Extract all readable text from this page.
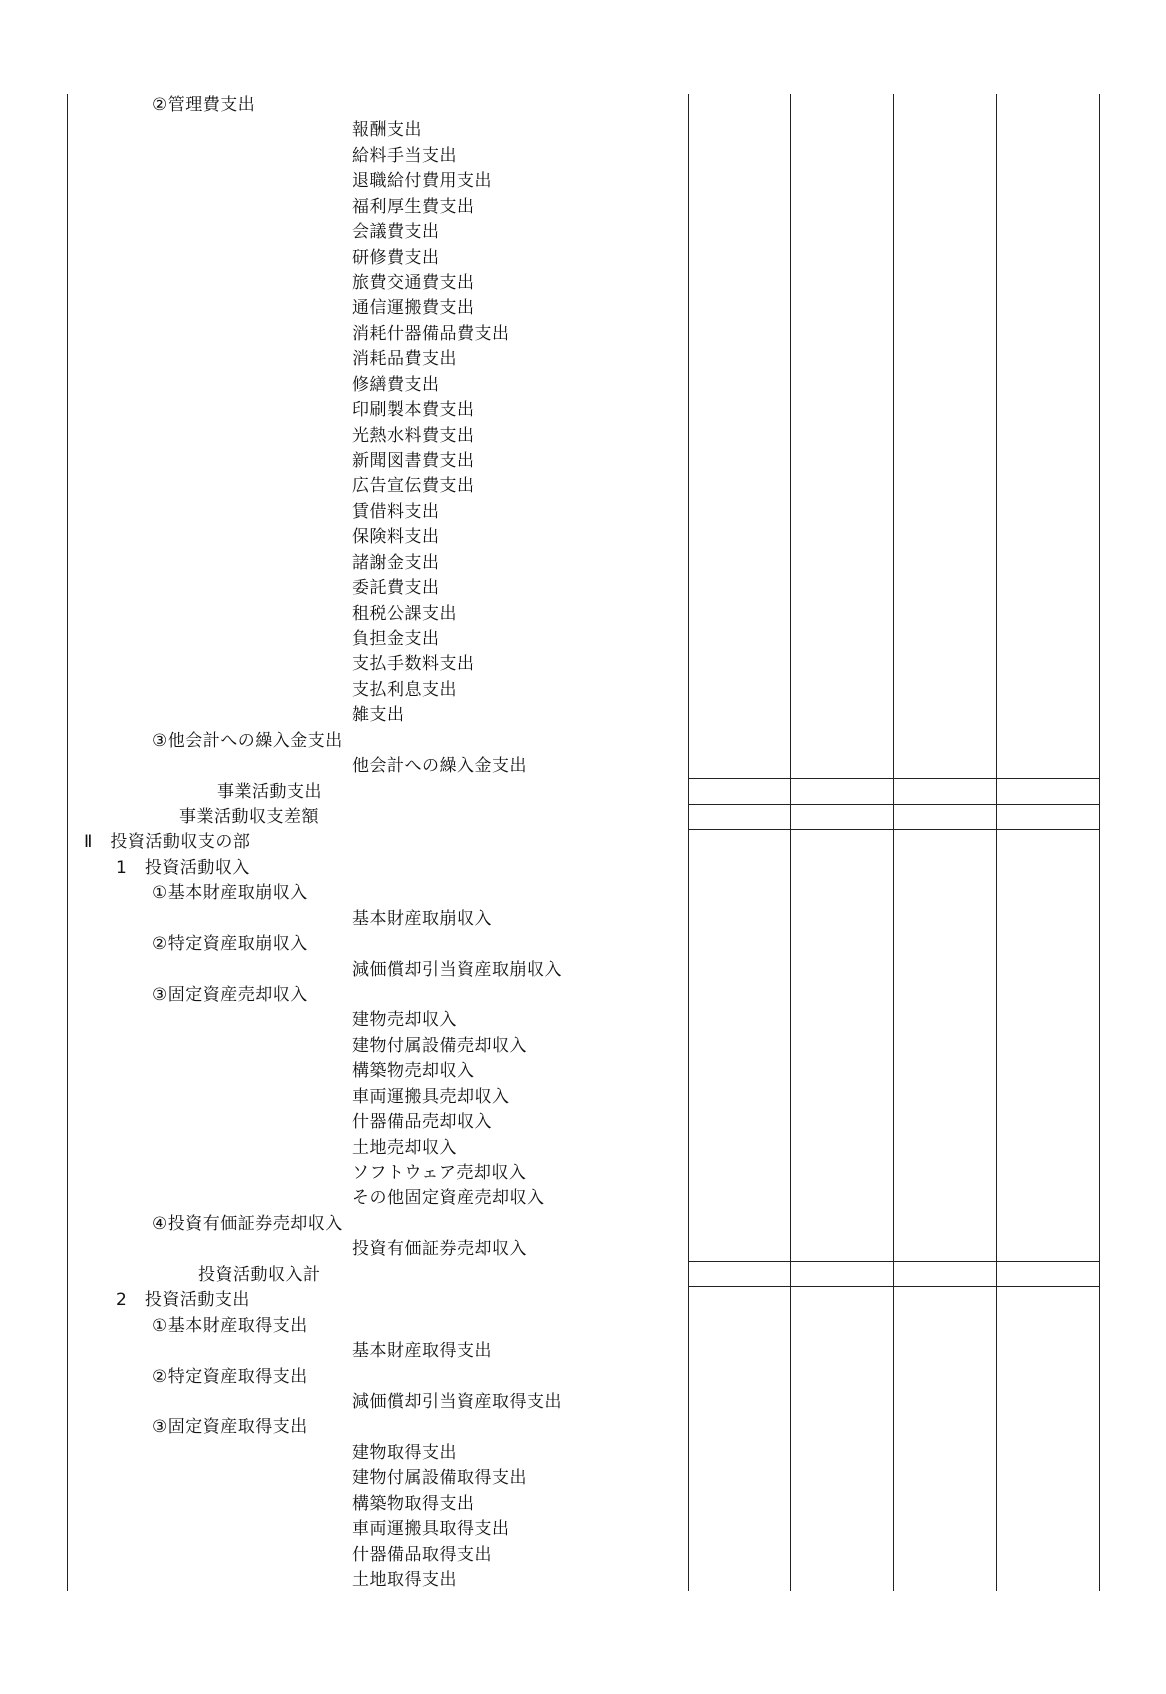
②管理費支出
報酬支出
給料手当支出
退職給付費用支出
福利厚生費支出
会議費支出
研修費支出
旅費交通費支出
通信運搬費支出
消耗什器備品費支出
消耗品費支出
修繕費支出
印刷製本費支出
光熱水料費支出
新聞図書費支出
広告宣伝費支出
賃借料支出
保険料支出
諸謝金支出
委託費支出
租税公課支出
負担金支出
支払手数料支出
支払利息支出
雑支出
③他会計への繰入金支出
他会計への繰入金支出
事業活動支出
事業活動収支差額
Ⅱ　投資活動収支の部
1　投資活動収入
①基本財産取崩収入
基本財産取崩収入
②特定資産取崩収入
減価償却引当資産取崩収入
③固定資産売却収入
建物売却収入
建物付属設備売却収入
構築物売却収入
車両運搬具売却収入
什器備品売却収入
土地売却収入
ソフトウェア売却収入
その他固定資産売却収入
④投資有価証券売却収入
投資有価証券売却収入
投資活動収入計
2　投資活動支出
①基本財産取得支出
基本財産取得支出
②特定資産取得支出
減価償却引当資産取得支出
③固定資産取得支出
建物取得支出
建物付属設備取得支出
構築物取得支出
車両運搬具取得支出
什器備品取得支出
土地取得支出
